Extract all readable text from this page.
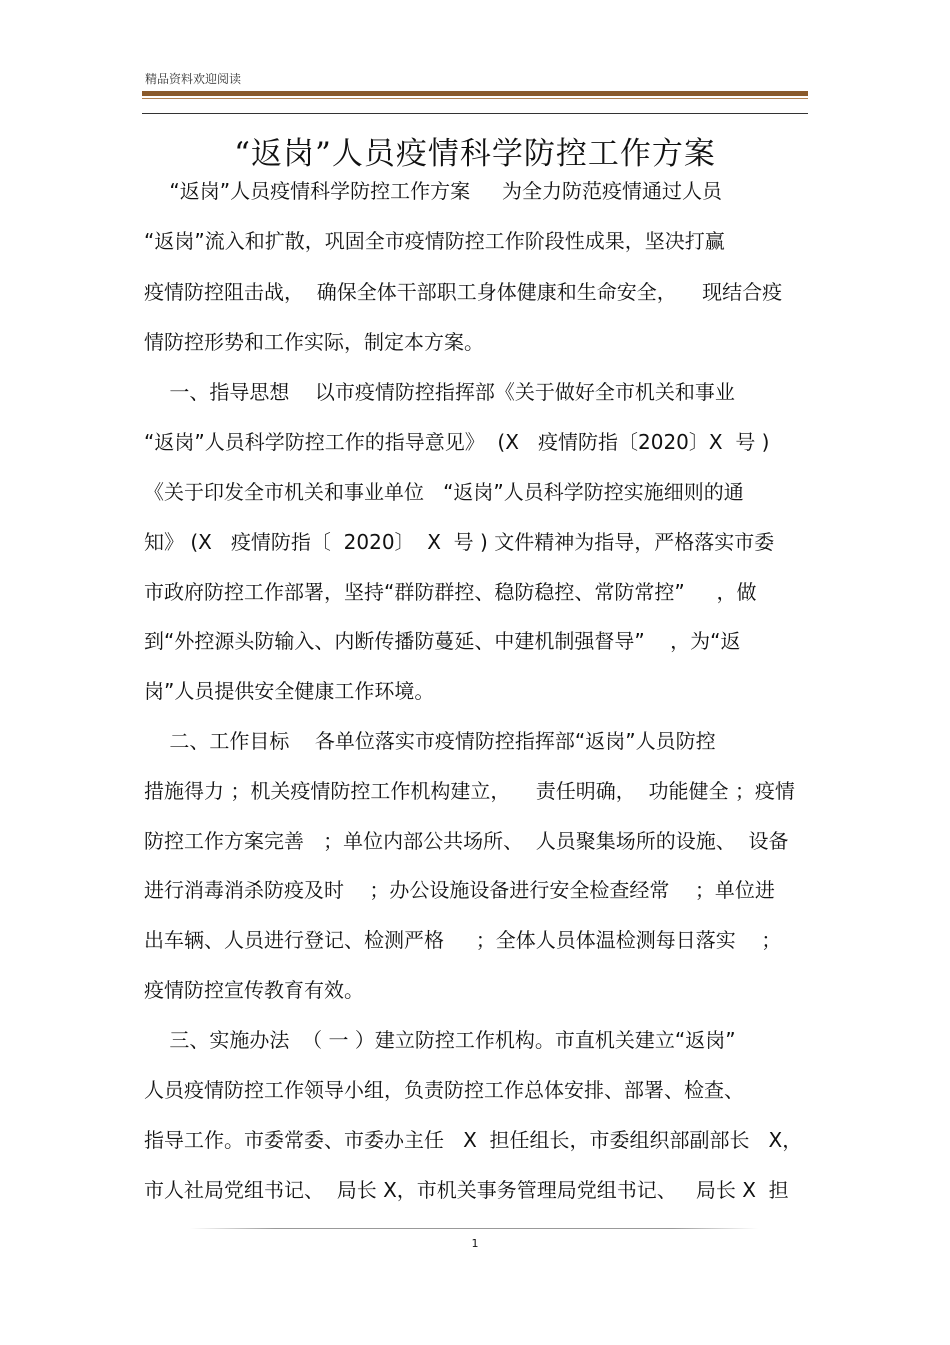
精品资料欢迎阅读
“返岗”人员疫情科学防控工作方案
“返岗”人员疫情科学防控工作方案     为全力防范疫情通过人员
“返岗”流入和扩散，巩固全市疫情防控工作阶段性成果，坚决打赢
疫情防控阻击战，  确保全体干部职工身体健康和生命安全，    现结合疫
情防控形势和工作实际，制定本方案。
一、指导思想    以市疫情防控指挥部《关于做好全市机关和事业
“返岗”人员科学防控工作的指导意见》  (X   疫情防指〔2020〕X  号 )
《关于印发全市机关和事业单位   “返岗”人员科学防控实施细则的通
知》 (X   疫情防指〔  2020〕  X  号 ) 文件精神为指导，严格落实市委
市政府防控工作部署，坚持“群防群控、稳防稳控、常防常控”     ，做
到“外控源头防输入、内断传播防蔓延、中建机制强督导”    ，为“返
岗”人员提供安全健康工作环境。
二、工作目标    各单位落实市疫情防控指挥部“返岗”人员防控
措施得力 ；机关疫情防控工作机构建立，    责任明确，  功能健全 ；疫情
防控工作方案完善   ；单位内部公共场所、  人员聚集场所的设施、  设备
进行消毒消杀防疫及时    ；办公设施设备进行安全检查经常    ；单位进
出车辆、人员进行登记、检测严格     ；全体人员体温检测每日落实    ；
疫情防控宣传教育有效。
三、实施办法  （ 一 ）建立防控工作机构。市直机关建立“返岗”
人员疫情防控工作领导小组，负责防控工作总体安排、部署、检查、
指导工作。市委常委、市委办主任   X  担任组长，市委组织部副部长   X，
市人社局党组书记、  局长 X，市机关事务管理局党组书记、   局长 X  担
1
